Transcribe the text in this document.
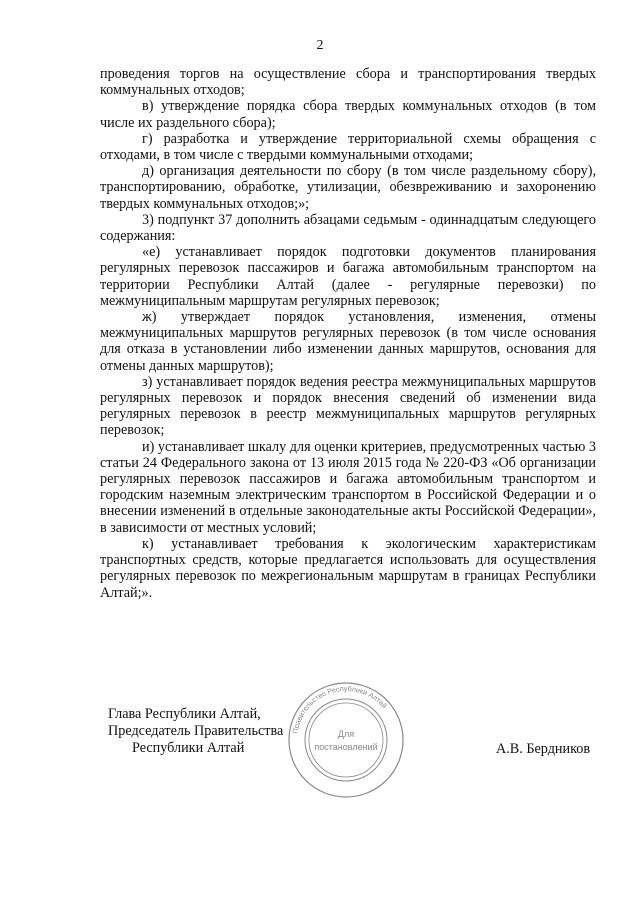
2

проведения торгов на осуществление сбора и транспортирования твердых коммунальных отходов;

в) утверждение порядка сбора твердых коммунальных отходов (в том числе их раздельного сбора);

г) разработка и утверждение территориальной схемы обращения с отходами, в том числе с твердыми коммунальными отходами;

д) организация деятельности по сбору (в том числе раздельному сбору), транспортированию, обработке, утилизации, обезвреживанию и захоронению твердых коммунальных отходов;»;

3) подпункт 37 дополнить абзацами седьмым - одиннадцатым следующего содержания:

«е) устанавливает порядок подготовки документов планирования регулярных перевозок пассажиров и багажа автомобильным транспортом на территории Республики Алтай (далее - регулярные перевозки) по межмуниципальным маршрутам регулярных перевозок;

ж) утверждает порядок установления, изменения, отмены межмуниципальных маршрутов регулярных перевозок (в том числе основания для отказа в установлении либо изменении данных маршрутов, основания для отмены данных маршрутов);

з) устанавливает порядок ведения реестра межмуниципальных маршрутов регулярных перевозок и порядок внесения сведений об изменении вида регулярных перевозок в реестр межмуниципальных маршрутов регулярных перевозок;

и) устанавливает шкалу для оценки критериев, предусмотренных частью 3 статьи 24 Федерального закона от 13 июля 2015 года № 220-ФЗ «Об организации регулярных перевозок пассажиров и багажа автомобильным транспортом и городским наземным электрическим транспортом в Российской Федерации и о внесении изменений в отдельные законодательные акты Российской Федерации», в зависимости от местных условий;

к) устанавливает требования к экологическим характеристикам транспортных средств, которые предлагается использовать для осуществления регулярных перевозок по межрегиональным маршрутам в границах Республики Алтай;».

Глава Республики Алтай,
Председатель Правительства
Республики Алтай	А.В. Бердников
Правительство Республики Алтай
Для
постановлений
